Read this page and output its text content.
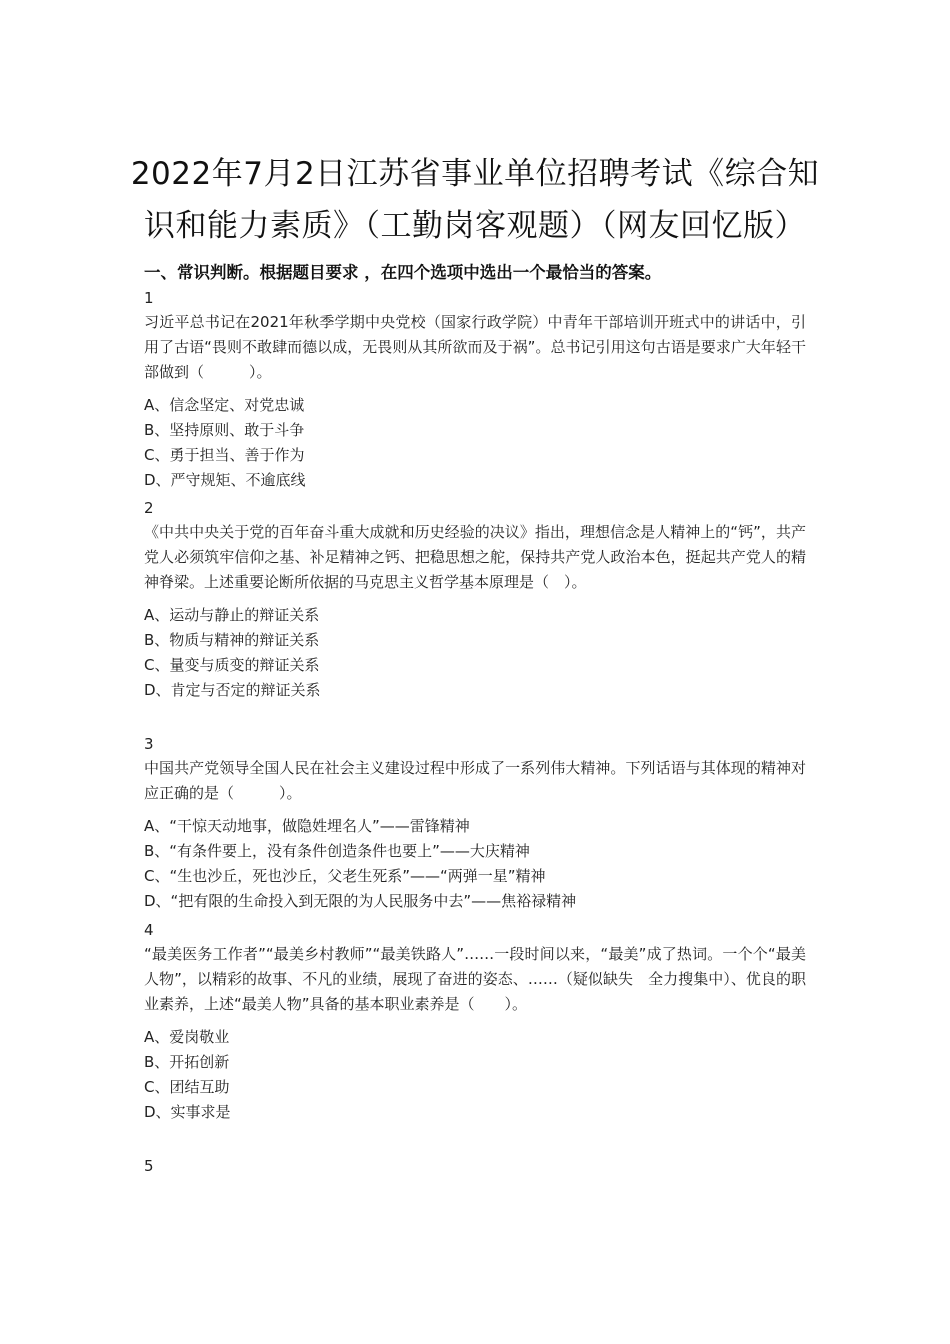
2022年7月2日江苏省事业单位招聘考试《综合知识和能力素质》（工勤岗客观题）（网友回忆版）
一、常识判断。根据题目要求 ，在四个选项中选出一个最恰当的答案。
1
习近平总书记在2021年秋季学期中央党校（国家行政学院）中青年干部培训开班式中的讲话中，引用了古语“畏则不敢肆而德以成，无畏则从其所欲而及于祸”。总书记引用这句古语是要求广大年轻干部做到（　　　）。
A、信念坚定、对党忠诚
B、坚持原则、敢于斗争
C、勇于担当、善于作为
D、严守规矩、不逾底线
2
《中共中央关于党的百年奋斗重大成就和历史经验的决议》指出，理想信念是人精神上的“钙”，共产党人必须筑牢信仰之基、补足精神之钙、把稳思想之舵，保持共产党人政治本色，挺起共产党人的精神脊梁。上述重要论断所依据的马克思主义哲学基本原理是（　）。
A、运动与静止的辩证关系
B、物质与精神的辩证关系
C、量变与质变的辩证关系
D、肯定与否定的辩证关系
3
中国共产党领导全国人民在社会主义建设过程中形成了一系列伟大精神。下列话语与其体现的精神对应正确的是（　　　）。
A、“干惊天动地事，做隐姓埋名人”——雷锋精神
B、“有条件要上，没有条件创造条件也要上”——大庆精神
C、“生也沙丘，死也沙丘，父老生死系”——“两弹一星”精神
D、“把有限的生命投入到无限的为人民服务中去”——焦裕禄精神
4
“最美医务工作者”“最美乡村教师”“最美铁路人”……一段时间以来，“最美”成了热词。一个个“最美人物”，以精彩的故事、不凡的业绩，展现了奋进的姿态、……（疑似缺失　全力搜集中）、优良的职业素养，上述“最美人物”具备的基本职业素养是（　　）。
A、爱岗敬业
B、开拓创新
C、团结互助
D、实事求是
5
